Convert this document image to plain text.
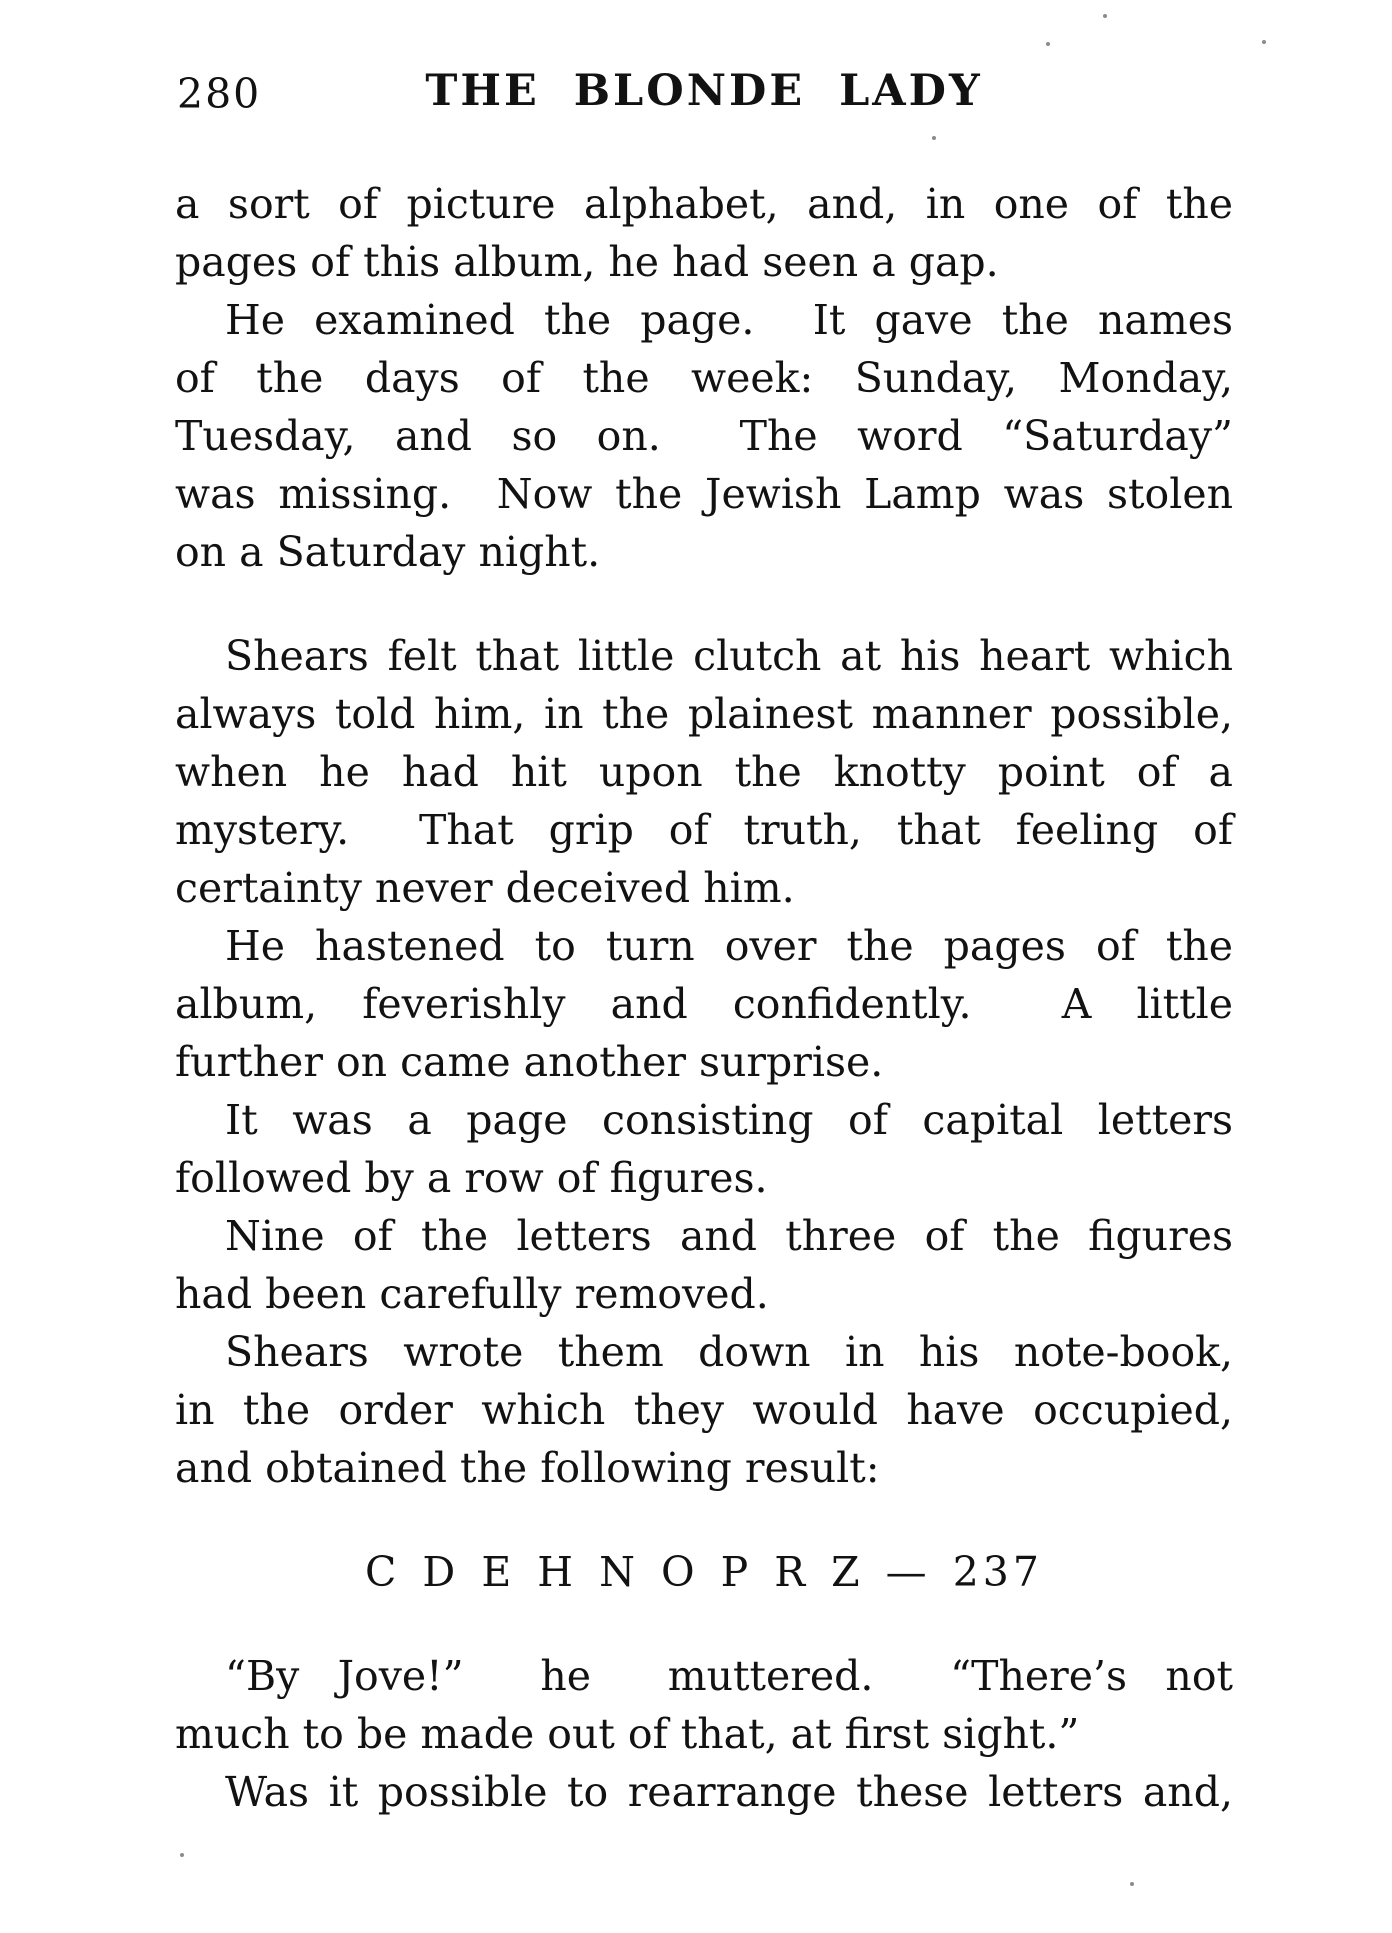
280	THE BLONDE LADY
a sort of picture alphabet, and, in one of the
pages of this album, he had seen a gap.
He examined the page.  It gave the names
of the days of the week: Sunday, Monday,
Tuesday, and so on.  The word “Saturday”
was missing.  Now the Jewish Lamp was stolen
on a Saturday night.
Shears felt that little clutch at his heart which
always told him, in the plainest manner possible,
when he had hit upon the knotty point of a
mystery.  That grip of truth, that feeling of
certainty never deceived him.
He hastened to turn over the pages of the
album, feverishly and confidently.  A little
further on came another surprise.
It was a page consisting of capital letters
followed by a row of figures.
Nine of the letters and three of the figures
had been carefully removed.
Shears wrote them down in his note-book,
in the order which they would have occupied,
and obtained the following result:
C D E H N O P R Z — 237
“By Jove!”  he  muttered.  “There’s not
much to be made out of that, at first sight.”
Was it possible to rearrange these letters and,
